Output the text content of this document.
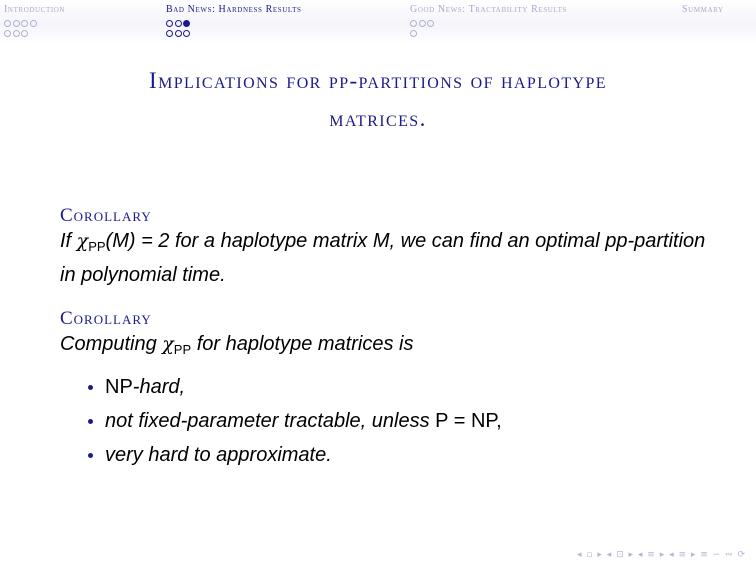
Introduction	Bad News: Hardness Results	Good News: Tractability Results	Summary
Implications for pp-partitions of haplotype
matrices.
Corollary
If $\chi_{PP}(M) = 2$ for a haplotype matrix M, we can find an optimal pp-partition in polynomial time.
Corollary
Computing $\chi_{PP}$ for haplotype matrices is
NP-hard,
not fixed-parameter tractable, unless P = NP,
very hard to approximate.
◂ ▫ ▸ ◂ ⊡ ▸ ◂ ≡ ▸ ◂ ≡ ▸ ≡ ∽ ∾ ⟳
